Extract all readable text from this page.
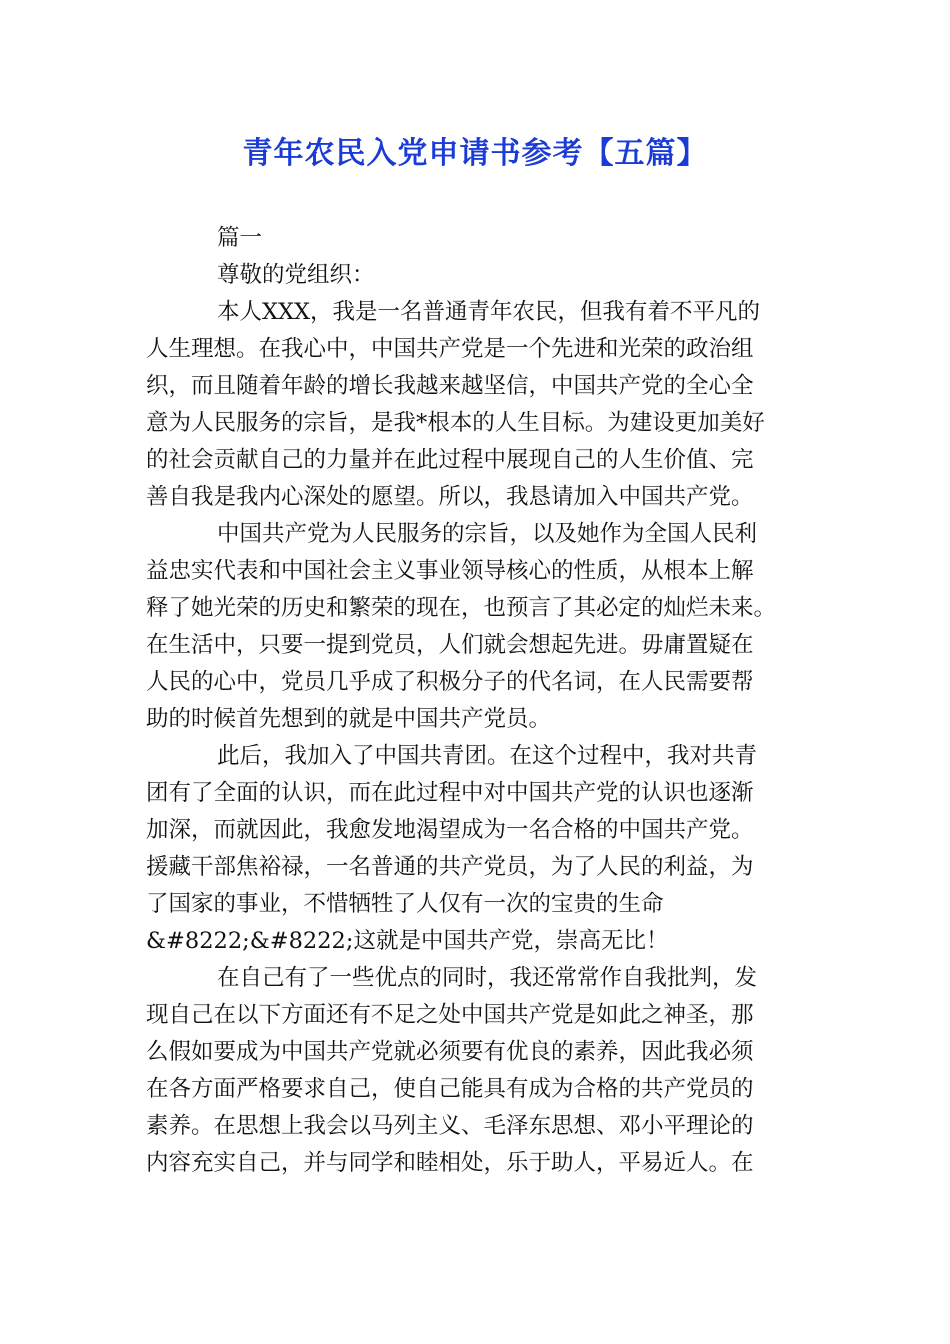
青年农民入党申请书参考【五篇】
篇一
尊敬的党组织：
本人XXX，我是一名普通青年农民，但我有着不平凡的
人生理想。在我心中，中国共产党是一个先进和光荣的政治组
织，而且随着年龄的增长我越来越坚信，中国共产党的全心全
意为人民服务的宗旨，是我*根本的人生目标。为建设更加美好
的社会贡献自己的力量并在此过程中展现自己的人生价值、完
善自我是我内心深处的愿望。所以，我恳请加入中国共产党。
中国共产党为人民服务的宗旨，以及她作为全国人民利
益忠实代表和中国社会主义事业领导核心的性质，从根本上解
释了她光荣的历史和繁荣的现在，也预言了其必定的灿烂未来。
在生活中，只要一提到党员，人们就会想起先进。毋庸置疑在
人民的心中，党员几乎成了积极分子的代名词，在人民需要帮
助的时候首先想到的就是中国共产党员。
此后，我加入了中国共青团。在这个过程中，我对共青
团有了全面的认识，而在此过程中对中国共产党的认识也逐渐
加深，而就因此，我愈发地渴望成为一名合格的中国共产党。
援藏干部焦裕禄，一名普通的共产党员，为了人民的利益，为
了国家的事业，不惜牺牲了人仅有一次的宝贵的生命
&#8222;&#8222;这就是中国共产党，崇高无比！
在自己有了一些优点的同时，我还常常作自我批判，发
现自己在以下方面还有不足之处中国共产党是如此之神圣，那
么假如要成为中国共产党就必须要有优良的素养，因此我必须
在各方面严格要求自己，使自己能具有成为合格的共产党员的
素养。在思想上我会以马列主义、毛泽东思想、邓小平理论的
内容充实自己，并与同学和睦相处，乐于助人，平易近人。在
